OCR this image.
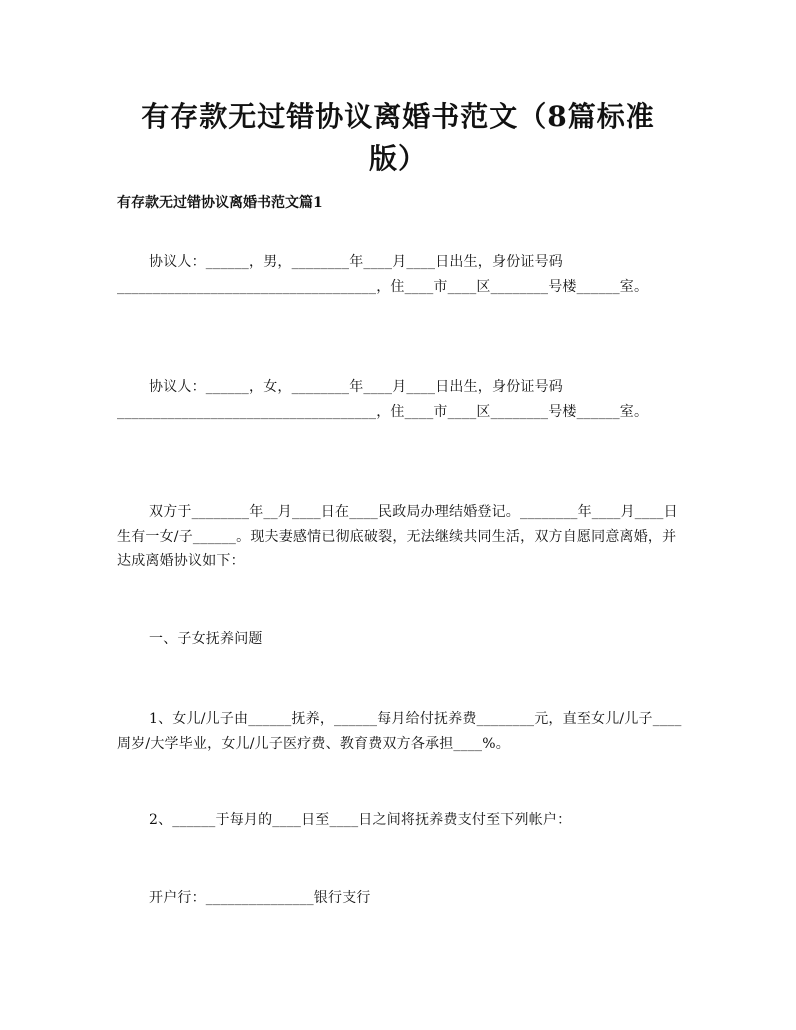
有存款无过错协议离婚书范文（8篇标准版）
有存款无过错协议离婚书范文篇1
协议人：______，男，________年____月____日出生，身份证号码____________________________________，住____市____区________号楼______室。
协议人：______，女，________年____月____日出生，身份证号码____________________________________，住____市____区________号楼______室。
双方于________年__月____日在____民政局办理结婚登记。________年____月____日生有一女/子______。现夫妻感情已彻底破裂，无法继续共同生活，双方自愿同意离婚，并达成离婚协议如下：
一、子女抚养问题
1、女儿/儿子由______抚养，______每月给付抚养费________元，直至女儿/儿子____周岁/大学毕业，女儿/儿子医疗费、教育费双方各承担____%。
2、______于每月的____日至____日之间将抚养费支付至下列帐户：
开户行：_______________银行支行
